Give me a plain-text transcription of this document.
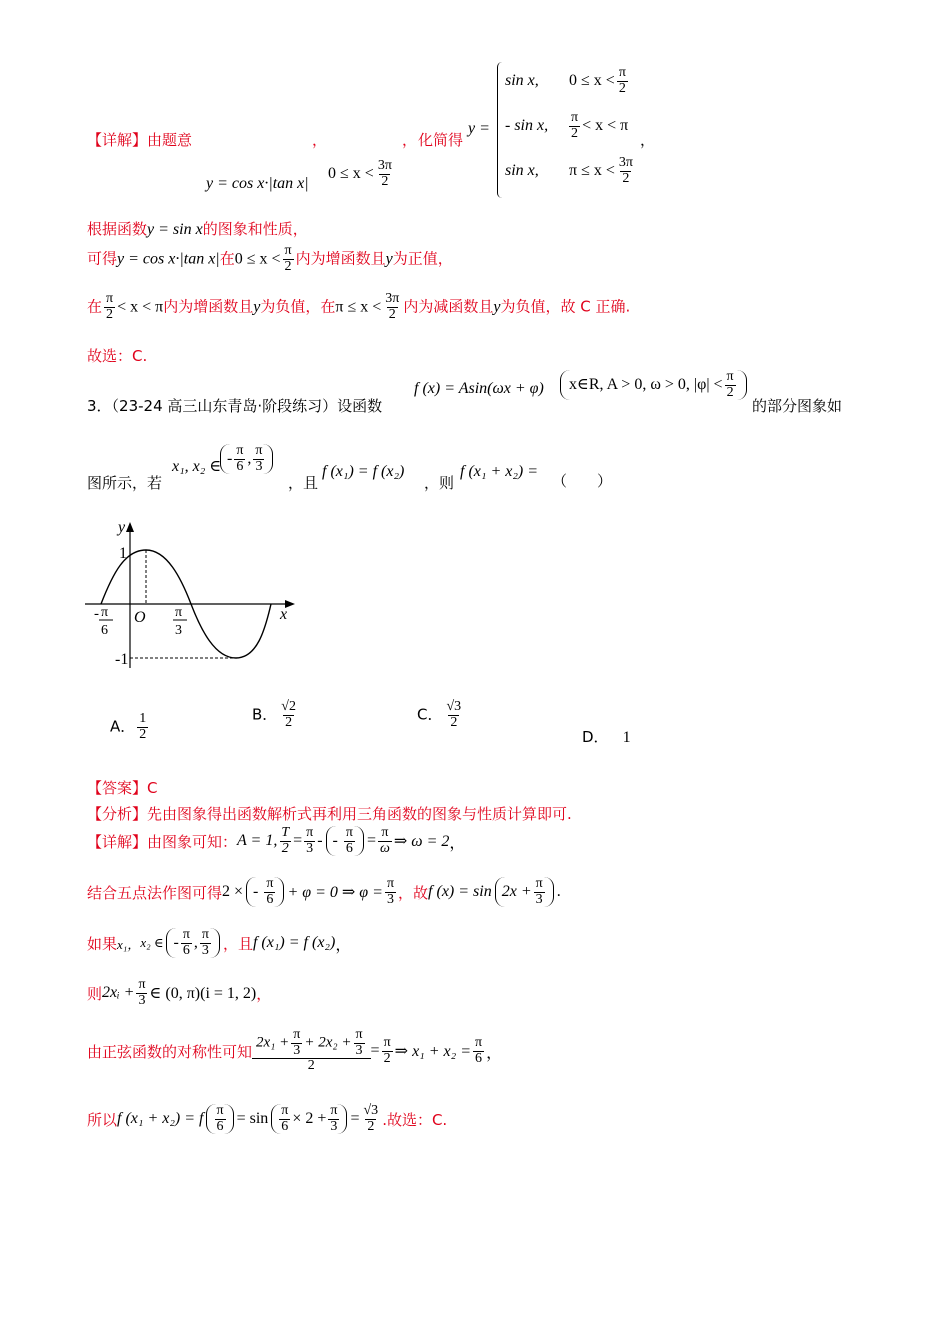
【详解】由题意	，	， 化简得
y =
sin x, $0 \le x < \frac{\pi}{2}$
- sin x, $\frac{\pi}{2} < x < \pi$
sin x, $\pi \le x < \frac{3\pi}{2}$
，
y = cos x·|tan x|
$0 \le x < \frac{3\pi}{2}$
根据函数y = sin x的图象和性质，
可得y = cos x·|tan x|在$0 \le x < \frac{\pi}{2}$ 内为增函数且y为正值，
在 $\frac{\pi}{2} < x < \pi$内为增函数且y为负值，在$\pi \le x < \frac{3\pi}{2}$ 内为减函数且y为负值，故 C 正确.
故选：C.
3．（23-24 高三山东青岛·阶段练习）设函数
f (x) = Asin(ωx + φ)	x∈R, A > 0, ω > 0, $|\varphi| < \frac{\pi}{2}$
的部分图象如
图所示，若
x₁, x₂ ∈ - $\frac{\pi}{6}$ , $\frac{\pi}{3}$
，且
f (x₁) = f (x₂)
，则
f (x₁ + x₂) =
（　　）
y
x
1
-1
O
- π
6
π
3
A． $\frac{1}{2}$	B． $\frac{√2}{2}$	C． $\frac{√3}{2}$
D． 1
【答案】C
【分析】先由图象得出函数解析式再利用三角函数的图象与性质计算即可.
【详解】 由图象可知： A = 1, $\frac{T}{2} = \frac{\pi}{3}$ - - $\frac{\pi}{6} = \frac{\pi}{\omega}$ ⇒ ω = 2 ，
结合五点法作图可得 2 × - $\frac{\pi}{6} + \varphi = 0$ ⇒ $\varphi = \frac{\pi}{3}$ ，故 f $(x) = \sin 2x + \frac{\pi}{3}$ .
如果 x₁， x₂ ∈ - $\frac{\pi}{6}$ , $\frac{\pi}{3}$ ，且 f (x₁) = f (x₂) ，
则 2xᵢ + $\frac{\pi}{3}$ ∈ (0, π)(i = 1, 2) ，
由正弦函数的对称性可知 $\frac{2x_1 + \frac{\pi}{3} + 2x_2 + \frac{\pi}{3}}{2} = \frac{\pi}{2}$ ⇒ $x_1 + x_2 = \frac{\pi}{6}$ ，
所以 f (x₁ + x₂) = f $\frac{\pi}{6} = \sin \frac{\pi}{6} \times 2 + \frac{\pi}{3} = \frac{√3}{2}$ .故选：C.
